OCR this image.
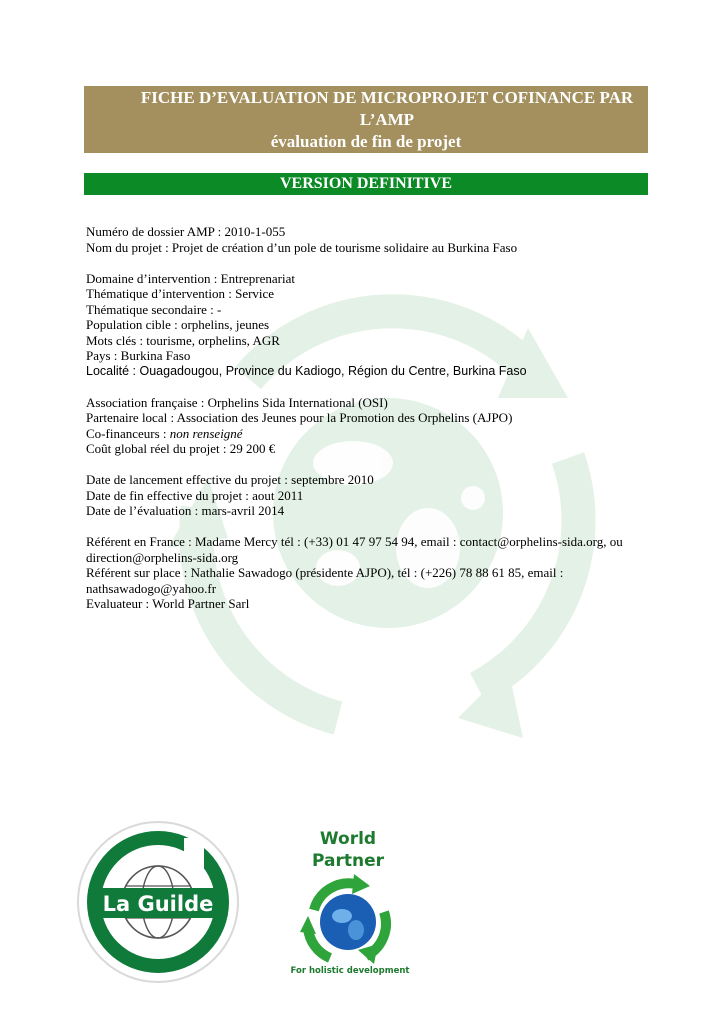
FICHE D’EVALUATION DE MICROPROJET COFINANCE PAR
L’AMP
évaluation de fin de projet
VERSION DEFINITIVE
Numéro de dossier AMP : 2010-1-055
Nom du projet : Projet de création d’un pole de tourisme solidaire au Burkina Faso
Domaine d’intervention : Entreprenariat
Thématique d’intervention : Service
Thématique secondaire : -
Population cible : orphelins, jeunes
Mots clés : tourisme, orphelins, AGR
Pays : Burkina Faso
Localité : Ouagadougou, Province du Kadiogo, Région du Centre, Burkina Faso
Association française : Orphelins Sida International (OSI)
Partenaire local : Association des Jeunes pour la Promotion des Orphelins (AJPO)
Co-financeurs : non renseigné
Coût global réel du projet : 29 200 €
Date de lancement effective du projet : septembre 2010
Date de fin effective du projet : aout 2011
Date de l’évaluation : mars-avril 2014
Référent en France : Madame Mercy tél : (+33) 01 47 97 54 94, email : contact@orphelins-sida.org, ou
direction@orphelins-sida.org
Référent sur place : Nathalie Sawadogo (présidente AJPO), tél : (+226) 78 88 61 85, email :
nathsawadogo@yahoo.fr
Evaluateur : World Partner Sarl
La Guilde
World
Partner
For holistic development
